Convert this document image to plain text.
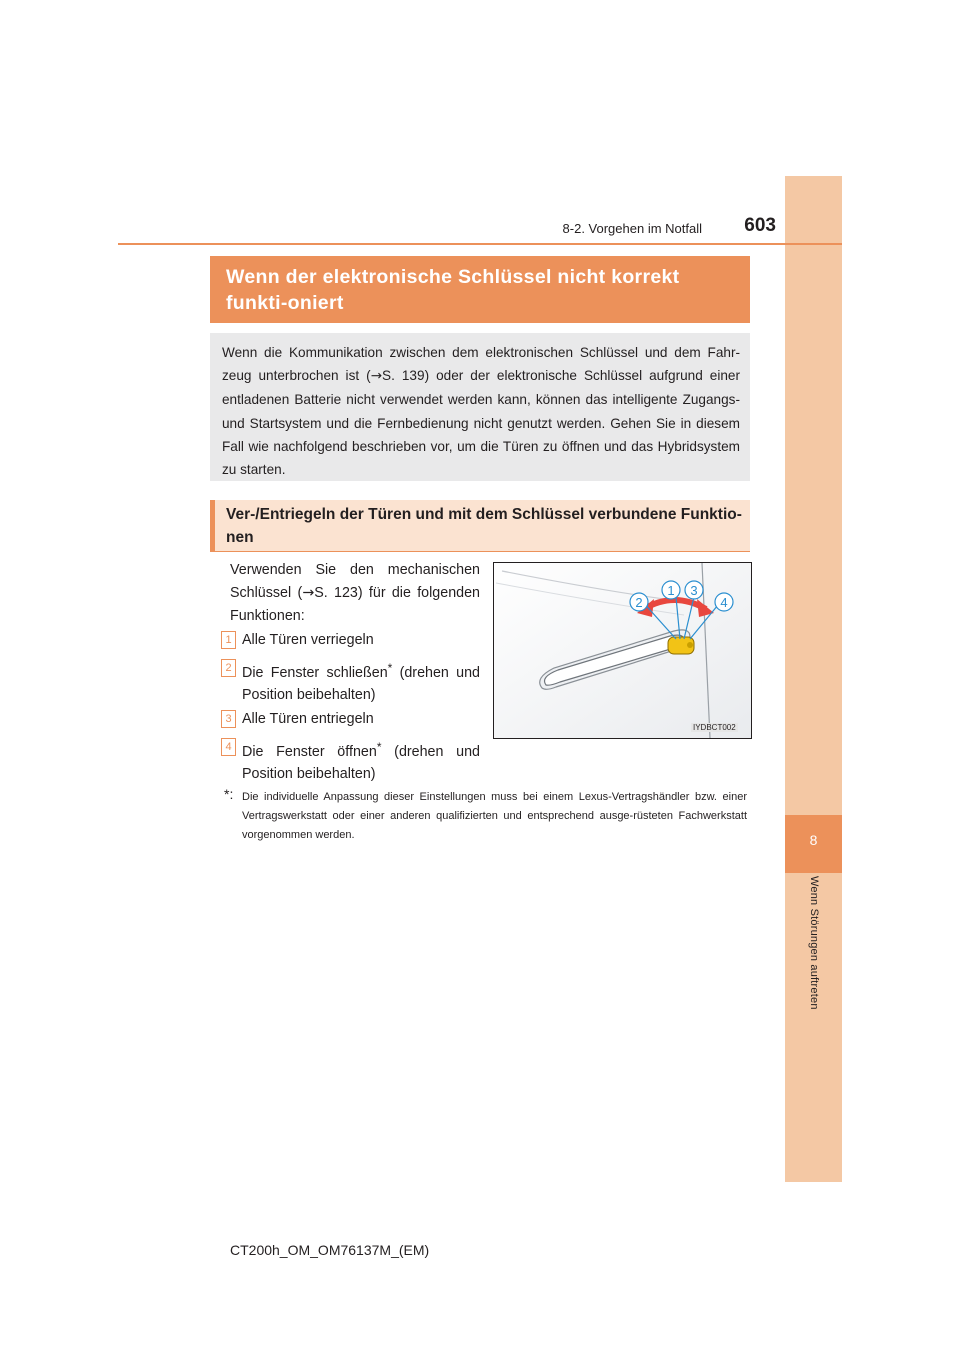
8
Wenn Störungen auftreten
8-2. Vorgehen im Notfall	603
Wenn der elektronische Schlüssel nicht korrekt funkti-oniert
Wenn die Kommunikation zwischen dem elektronischen Schlüssel und dem Fahr-zeug unterbrochen ist (→S. 139) oder der elektronische Schlüssel aufgrund einer entladenen Batterie nicht verwendet werden kann, können das intelligente Zugangs- und Startsystem und die Fernbedienung nicht genutzt werden. Gehen Sie in diesem Fall wie nachfolgend beschrieben vor, um die Türen zu öffnen und das Hybridsystem zu starten.
Ver-/Entriegeln der Türen und mit dem Schlüssel verbundene Funktio-nen
Verwenden Sie den mechanischen Schlüssel (→S. 123) für die folgenden Funktionen:
1 Alle Türen verriegeln
2 Die Fenster schließen* (drehen und Position beibehalten)
3 Alle Türen entriegeln
4 Die Fenster öffnen* (drehen und Position beibehalten)
*: Die individuelle Anpassung dieser Einstellungen muss bei einem Lexus-Vertragshändler bzw. einer Vertragswerkstatt oder einer anderen qualifizierten und entsprechend ausge-rüsteten Fachwerkstatt vorgenommen werden.
2
1 3
4
IYDBCT002
CT200h_OM_OM76137M_(EM)
